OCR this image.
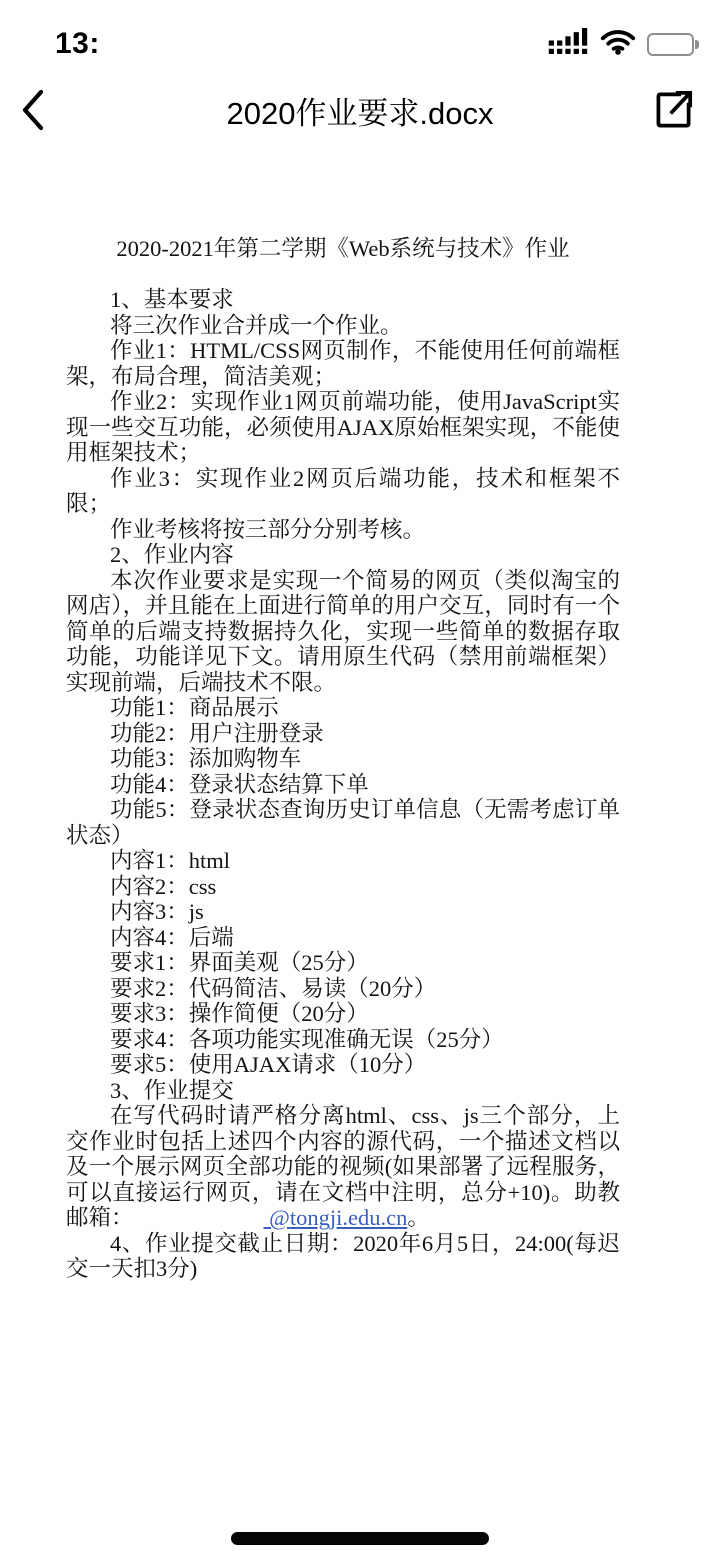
13:
2020作业要求.docx

2020-2021年第二学期《Web系统与技术》作业

1、基本要求

将三次作业合并成一个作业。

作业1：HTML/CSS网页制作，不能使用任何前端框架，布局合理，简洁美观；

作业2：实现作业1网页前端功能，使用JavaScript实现一些交互功能，必须使用AJAX原始框架实现，不能使用框架技术；

作业3：实现作业2网页后端功能，技术和框架不限；

作业考核将按三部分分别考核。

2、作业内容

本次作业要求是实现一个简易的网页（类似淘宝的网店），并且能在上面进行简单的用户交互，同时有一个简单的后端支持数据持久化，实现一些简单的数据存取功能，功能详见下文。请用原生代码（禁用前端框架）实现前端，后端技术不限。

功能1：商品展示

功能2：用户注册登录

功能3：添加购物车

功能4：登录状态结算下单

功能5：登录状态查询历史订单信息（无需考虑订单状态）

内容1：html

内容2：css

内容3：js

内容4：后端

要求1：界面美观（25分）

要求2：代码简洁、易读（20分）

要求3：操作简便（20分）

要求4：各项功能实现准确无误（25分）

要求5：使用AJAX请求（10分）

3、作业提交

在写代码时请严格分离html、css、js三个部分，上交作业时包括上述四个内容的源代码，一个描述文档以及一个展示网页全部功能的视频(如果部署了远程服务，可以直接运行网页，请在文档中注明，总分+10)。助教邮箱：	@tongji.edu.cn。

4、作业提交截止日期：2020年6月5日，24:00(每迟交一天扣3分)
